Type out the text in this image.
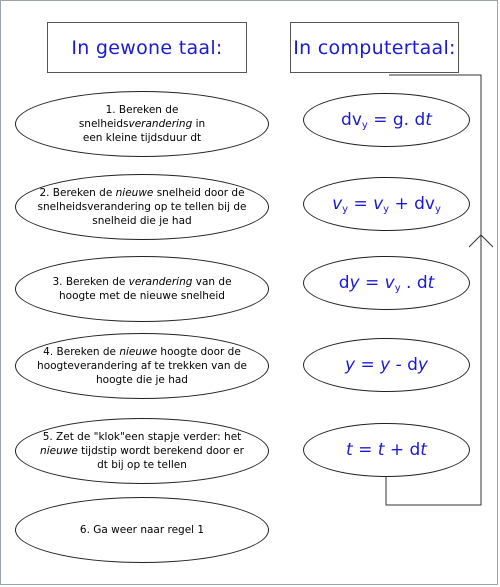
In gewone taal:	In computertaal:
1. Bereken de
snelheidsverandering in
een kleine tijdsduur dt
2. Bereken de nieuwe snelheid door de snelheidsverandering op te tellen bij de snelheid die je had
3. Bereken de verandering van de hoogte met de nieuwe snelheid
4. Bereken de nieuwe hoogte door de hoogteverandering af te trekken van de hoogte die je had
5. Zet de "klok"een stapje verder: het nieuwe tijdstip wordt berekend door er dt bij op te tellen
6. Ga weer naar regel 1
$dv_y = g$. dt
$v_y = v_y + dv_y$
dy = $v_y$ . dt
y = y - dy
t = t + dt
